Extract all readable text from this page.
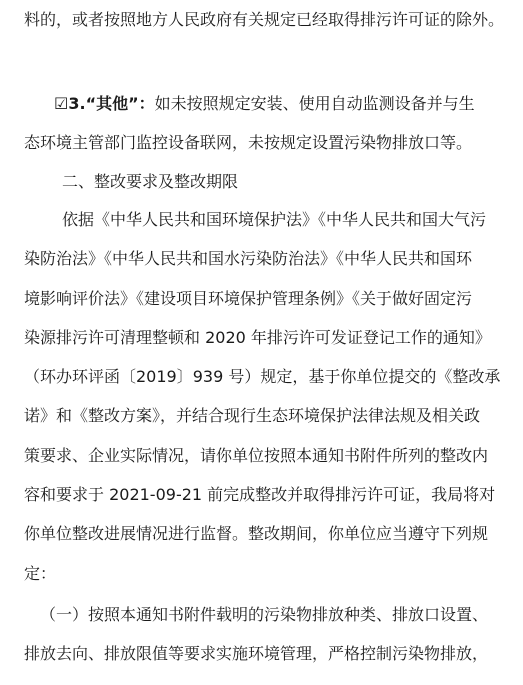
料的，或者按照地方人民政府有关规定已经取得排污许可证的除外。
☑3.“其他”：如未按照规定安装、使用自动监测设备并与生
态环境主管部门监控设备联网，未按规定设置污染物排放口等。
二、整改要求及整改期限
依据《中华人民共和国环境保护法》《中华人民共和国大气污
染防治法》《中华人民共和国水污染防治法》《中华人民共和国环
境影响评价法》《建设项目环境保护管理条例》《关于做好固定污
染源排污许可清理整顿和 2020 年排污许可发证登记工作的通知》
（环办环评函〔2019〕939 号）规定，基于你单位提交的《整改承
诺》和《整改方案》，并结合现行生态环境保护法律法规及相关政
策要求、企业实际情况，请你单位按照本通知书附件所列的整改内
容和要求于 2021-09-21 前完成整改并取得排污许可证，我局将对
你单位整改进展情况进行监督。整改期间，你单位应当遵守下列规
定：
（一）按照本通知书附件载明的污染物排放种类、排放口设置、
排放去向、排放限值等要求实施环境管理，严格控制污染物排放，
